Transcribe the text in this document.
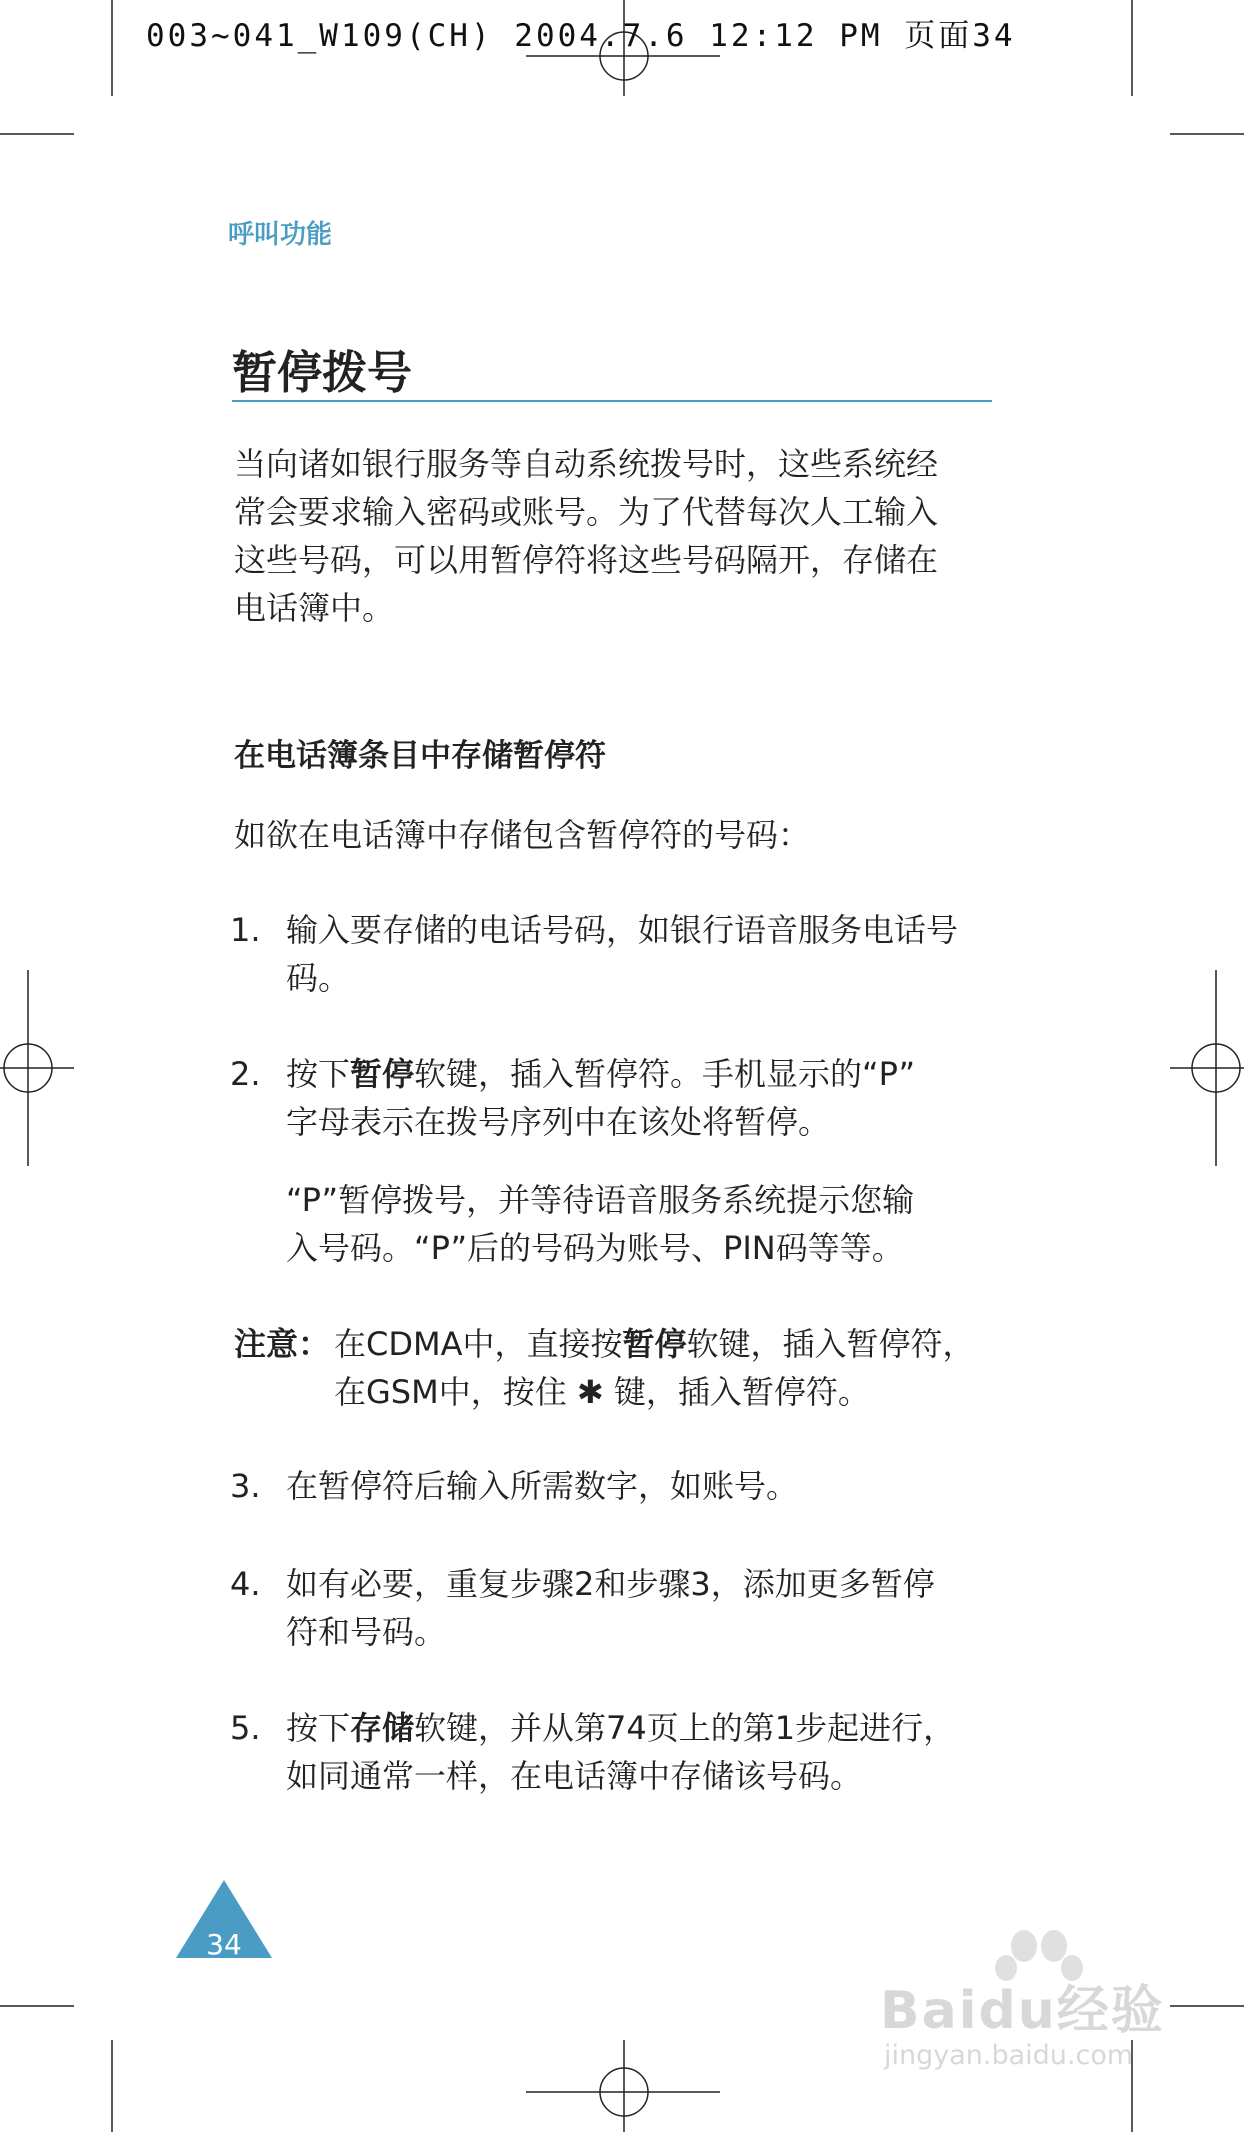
003~041_W109(CH) 2004.7.6 12:12 PM 页面34
呼叫功能
暂停拨号

当向诸如银行服务等自动系统拨号时，这些系统经
常会要求输入密码或账号。为了代替每次人工输入
这些号码，可以用暂停符将这些号码隔开，存储在
电话簿中。

在电话簿条目中存储暂停符

如欲在电话簿中存储包含暂停符的号码：

1. 输入要存储的电话号码，如银行语音服务电话号
码。
2. 按下暂停软键，插入暂停符。手机显示的“P”
字母表示在拨号序列中在该处将暂停。

“P”暂停拨号，并等待语音服务系统提示您输
入号码。“P”后的号码为账号、PIN码等等。

注意： 在CDMA中，直接按暂停软键，插入暂停符，
在GSM中，按住 ✱ 键，插入暂停符。
3. 在暂停符后输入所需数字，如账号。
4. 如有必要，重复步骤2和步骤3，添加更多暂停
符和号码。
5. 按下存储软键，并从第74页上的第1步起进行，
如同通常一样，在电话簿中存储该号码。
34
Baidu经验
jingyan.baidu.com
